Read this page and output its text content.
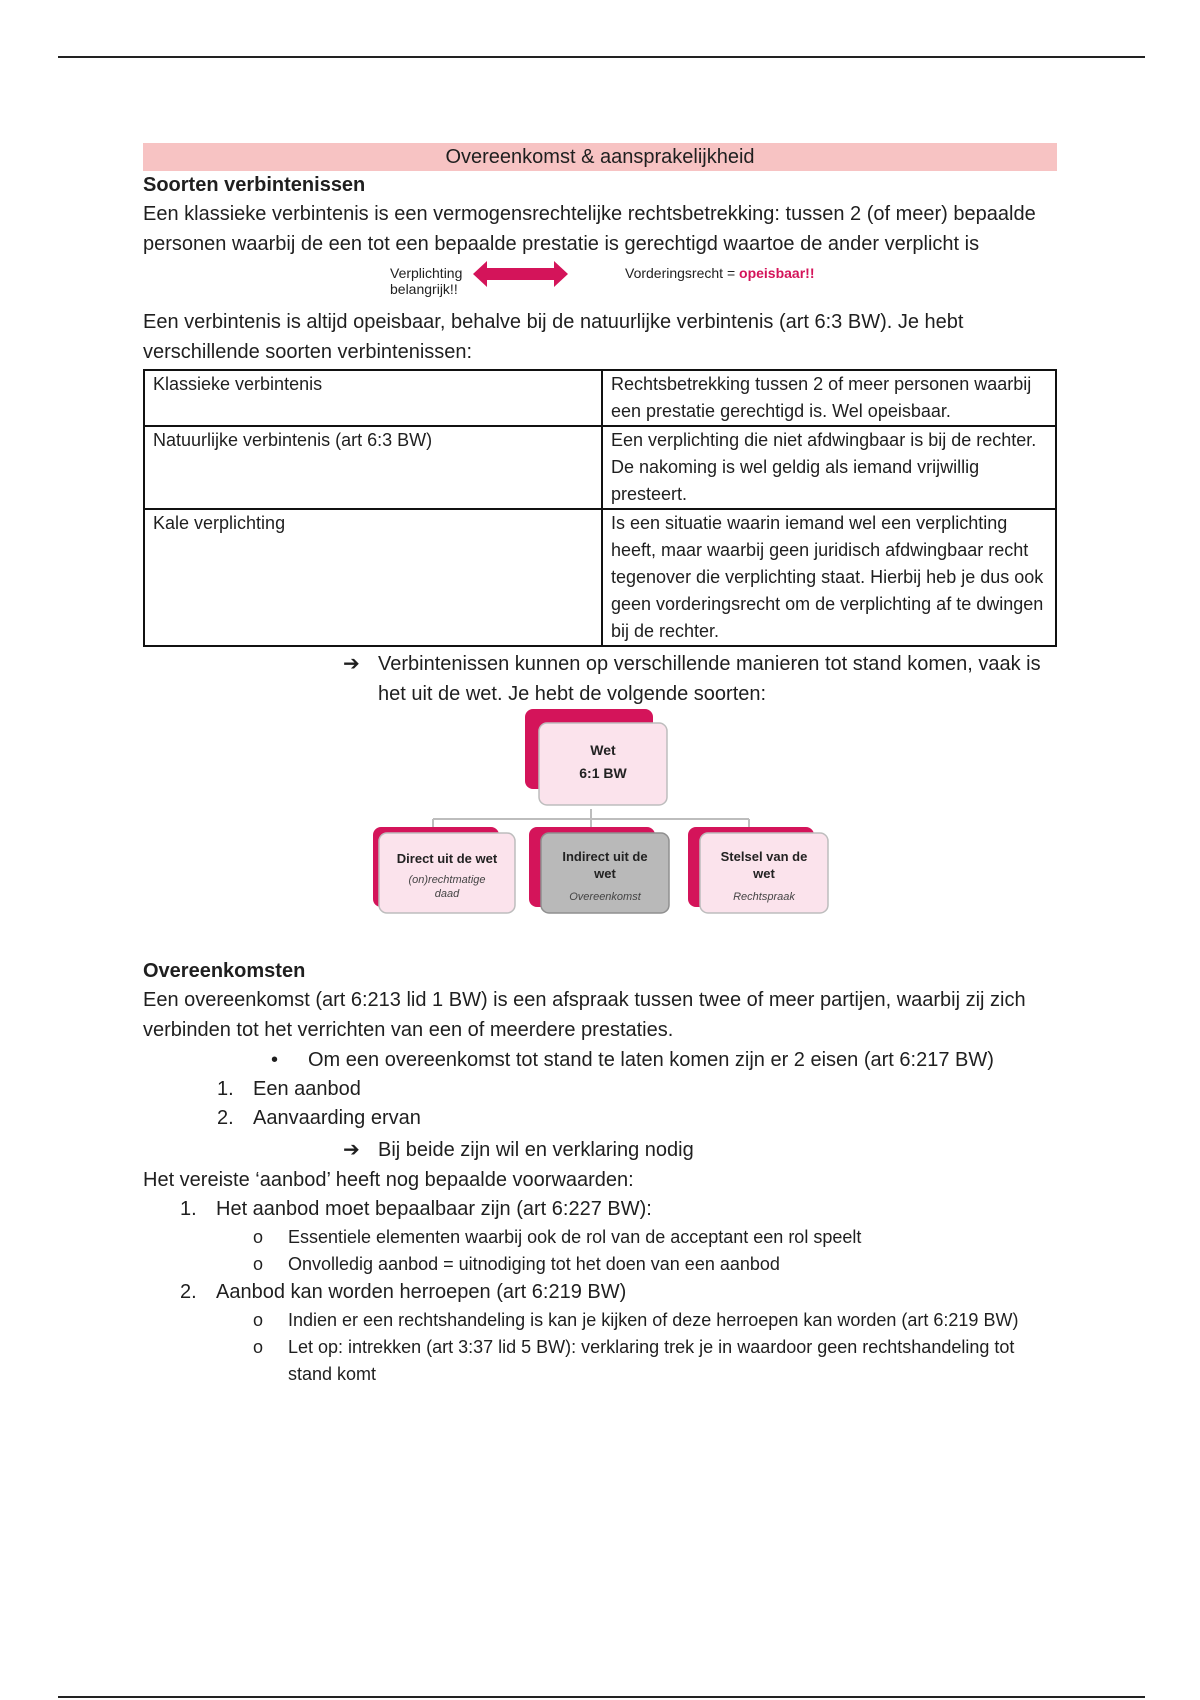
Overeenkomst & aansprakelijkheid
Soorten verbintenissen
Een klassieke verbintenis is een vermogensrechtelijke rechtsbetrekking: tussen 2 (of meer) bepaalde personen waarbij de een tot een bepaalde prestatie is gerechtigd waartoe de ander verplicht is
Verplichting
belangrijk!!
Vorderingsrecht = opeisbaar!!
Een verbintenis is altijd opeisbaar, behalve bij de natuurlijke verbintenis (art 6:3 BW). Je hebt verschillende soorten verbintenissen:
Klassieke verbintenis	Rechtsbetrekking tussen 2 of meer personen waarbij een prestatie gerechtigd is. Wel opeisbaar.
Natuurlijke verbintenis (art 6:3 BW)	Een verplichting die niet afdwingbaar is bij de rechter. De nakoming is wel geldig als iemand vrijwillig presteert.
Kale verplichting	Is een situatie waarin iemand wel een verplichting heeft, maar waarbij geen juridisch afdwingbaar recht tegenover die verplichting staat. Hierbij heb je dus ook geen vorderingsrecht om de verplichting af te dwingen bij de rechter.
➔ Verbintenissen kunnen op verschillende manieren tot stand komen, vaak is het uit de wet. Je hebt de volgende soorten:
Wet
6:1 BW
Direct uit de wet
(on)rechtmatige
daad
Indirect uit de
wet
Overeenkomst
Stelsel van de
wet
Rechtspraak
Overeenkomsten
Een overeenkomst (art 6:213 lid 1 BW) is een afspraak tussen twee of meer partijen, waarbij zij zich verbinden tot het verrichten van een of meerdere prestaties.
• Om een overeenkomst tot stand te laten komen zijn er 2 eisen (art 6:217 BW)
1. Een aanbod
2. Aanvaarding ervan
➔ Bij beide zijn wil en verklaring nodig
Het vereiste ‘aanbod’ heeft nog bepaalde voorwaarden:
1. Het aanbod moet bepaalbaar zijn (art 6:227 BW):
o Essentiele elementen waarbij ook de rol van de acceptant een rol speelt
o Onvolledig aanbod = uitnodiging tot het doen van een aanbod
2. Aanbod kan worden herroepen (art 6:219 BW)
o Indien er een rechtshandeling is kan je kijken of deze herroepen kan worden (art 6:219 BW)
o Let op: intrekken (art 3:37 lid 5 BW): verklaring trek je in waardoor geen rechtshandeling tot stand komt
